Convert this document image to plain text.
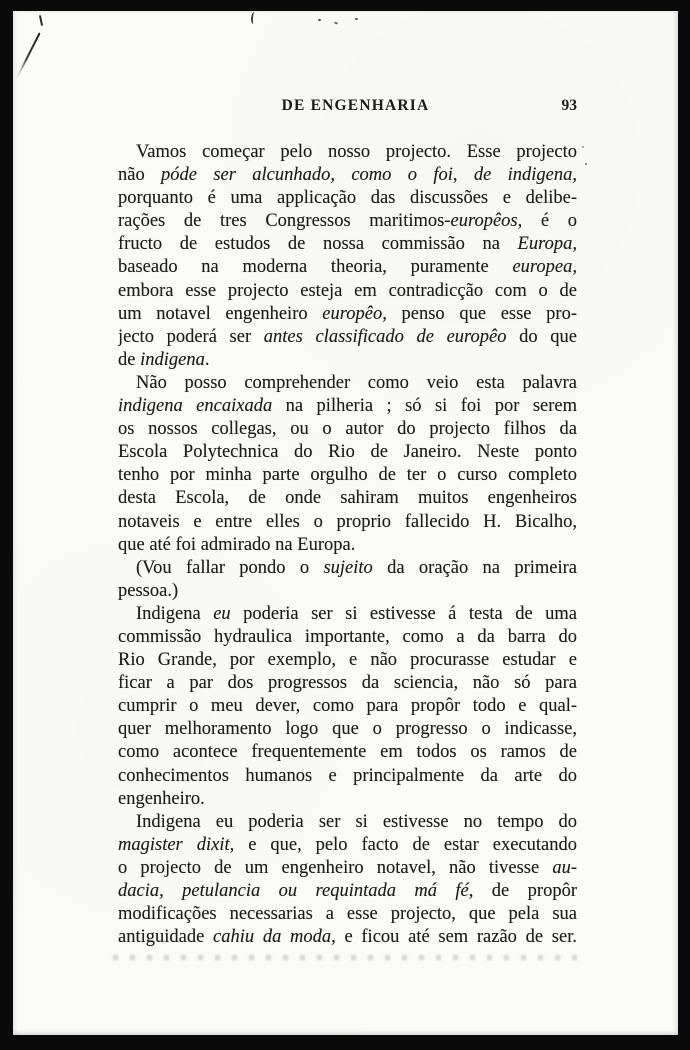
DE ENGENHARIA	93
Vamos começar pelo nosso projecto. Esse projecto
não póde ser alcunhado, como o foi, de indigena,
porquanto é uma applicação das discussões e delibe-
rações de tres Congressos maritimos-europêos, é o
fructo de estudos de nossa commissão na Europa,
baseado na moderna theoria, puramente europea,
embora esse projecto esteja em contradicção com o de
um notavel engenheiro europêo, penso que esse pro-
jecto poderá ser antes classificado de europêo do que
de indigena.
Não posso comprehender como veio esta palavra
indigena encaixada na pilheria ; só si foi por serem
os nossos collegas, ou o autor do projecto filhos da
Escola Polytechnica do Rio de Janeiro. Neste ponto
tenho por minha parte orgulho de ter o curso completo
desta Escola, de onde sahiram muitos engenheiros
notaveis e entre elles o proprio fallecido H. Bicalho,
que até foi admirado na Europa.
(Vou fallar pondo o sujeito da oração na primeira
pessoa.)
Indigena eu poderia ser si estivesse á testa de uma
commissão hydraulica importante, como a da barra do
Rio Grande, por exemplo, e não procurasse estudar e
ficar a par dos progressos da sciencia, não só para
cumprir o meu dever, como para propôr todo e qual-
quer melhoramento logo que o progresso o indicasse,
como acontece frequentemente em todos os ramos de
conhecimentos humanos e principalmente da arte do
engenheiro.
Indigena eu poderia ser si estivesse no tempo do
magister dixit, e que, pelo facto de estar executando
o projecto de um engenheiro notavel, não tivesse au-
dacia, petulancia ou requintada má fé, de propôr
modificações necessarias a esse projecto, que pela sua
antiguidade cahiu da moda, e ficou até sem razão de ser.
